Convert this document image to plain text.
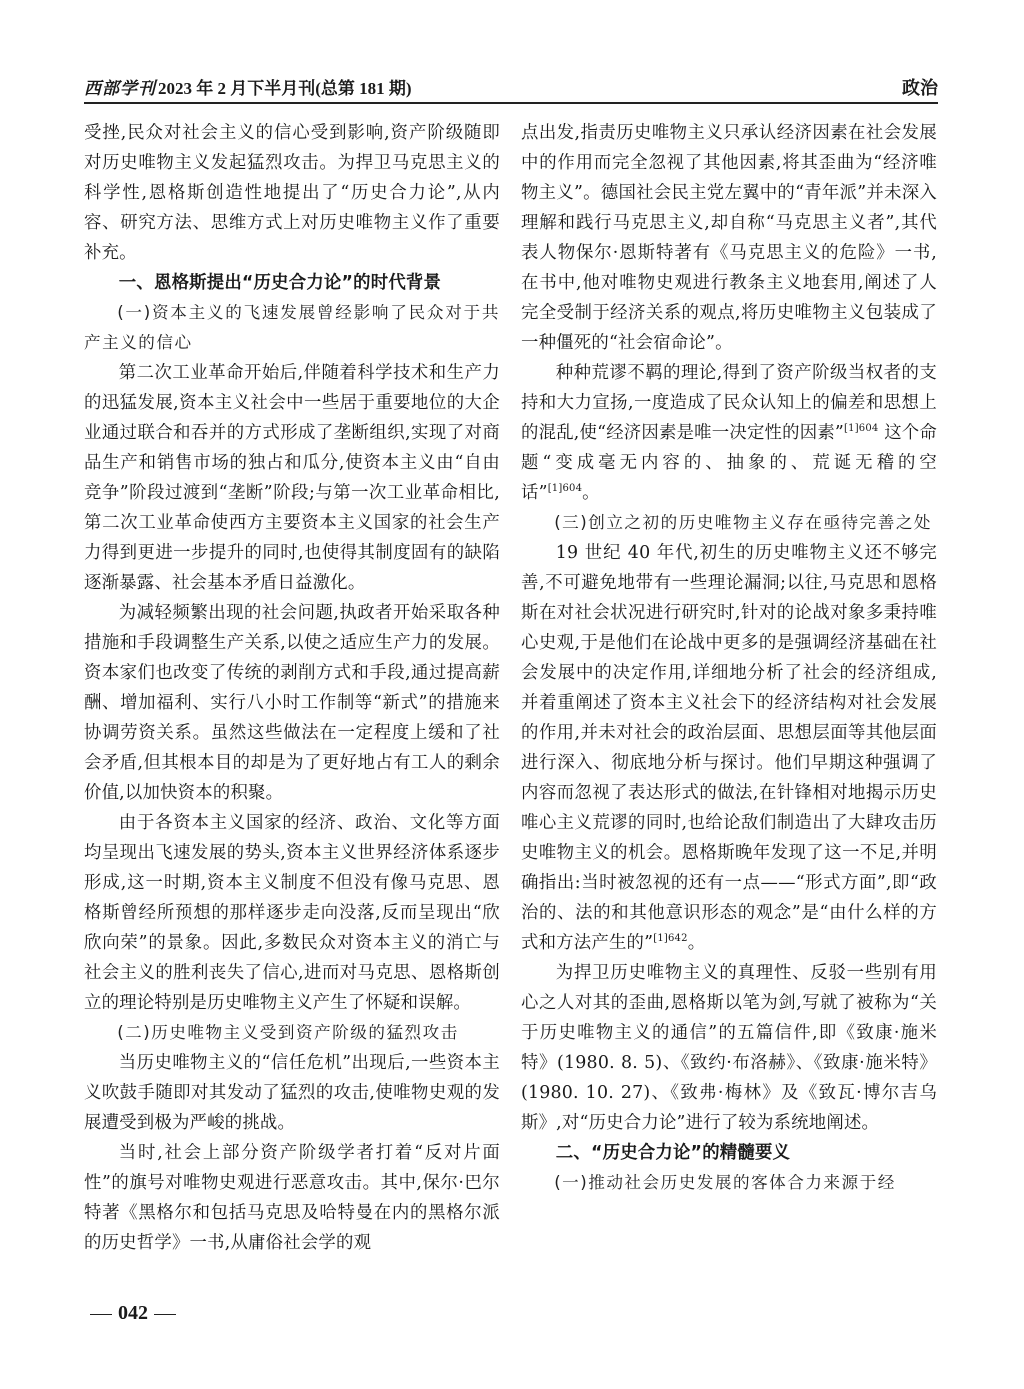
西部学刊 2023 年 2 月下半月刊(总第 181 期)	政治

受挫,民众对社会主义的信心受到影响,资产阶级随即对历史唯物主义发起猛烈攻击。为捍卫马克思主义的科学性,恩格斯创造性地提出了“历史合力论”,从内容、研究方法、思维方式上对历史唯物主义作了重要补充。

一、恩格斯提出“历史合力论”的时代背景

(一)资本主义的飞速发展曾经影响了民众对于共产主义的信心

第二次工业革命开始后,伴随着科学技术和生产力的迅猛发展,资本主义社会中一些居于重要地位的大企业通过联合和吞并的方式形成了垄断组织,实现了对商品生产和销售市场的独占和瓜分,使资本主义由“自由竞争”阶段过渡到“垄断”阶段;与第一次工业革命相比,第二次工业革命使西方主要资本主义国家的社会生产力得到更进一步提升的同时,也使得其制度固有的缺陷逐渐暴露、社会基本矛盾日益激化。

为减轻频繁出现的社会问题,执政者开始采取各种措施和手段调整生产关系,以使之适应生产力的发展。资本家们也改变了传统的剥削方式和手段,通过提高薪酬、增加福利、实行八小时工作制等“新式”的措施来协调劳资关系。虽然这些做法在一定程度上缓和了社会矛盾,但其根本目的却是为了更好地占有工人的剩余价值,以加快资本的积聚。

由于各资本主义国家的经济、政治、文化等方面均呈现出飞速发展的势头,资本主义世界经济体系逐步形成,这一时期,资本主义制度不但没有像马克思、恩格斯曾经所预想的那样逐步走向没落,反而呈现出“欣欣向荣”的景象。因此,多数民众对资本主义的消亡与社会主义的胜利丧失了信心,进而对马克思、恩格斯创立的理论特别是历史唯物主义产生了怀疑和误解。

(二)历史唯物主义受到资产阶级的猛烈攻击

当历史唯物主义的“信任危机”出现后,一些资本主义吹鼓手随即对其发动了猛烈的攻击,使唯物史观的发展遭受到极为严峻的挑战。

当时,社会上部分资产阶级学者打着“反对片面性”的旗号对唯物史观进行恶意攻击。其中,保尔·巴尔特著《黑格尔和包括马克思及哈特曼在内的黑格尔派的历史哲学》一书,从庸俗社会学的观

点出发,指责历史唯物主义只承认经济因素在社会发展中的作用而完全忽视了其他因素,将其歪曲为“经济唯物主义”。德国社会民主党左翼中的“青年派”并未深入理解和践行马克思主义,却自称“马克思主义者”,其代表人物保尔·恩斯特著有《马克思主义的危险》一书,在书中,他对唯物史观进行教条主义地套用,阐述了人完全受制于经济关系的观点,将历史唯物主义包装成了一种僵死的“社会宿命论”。

种种荒谬不羁的理论,得到了资产阶级当权者的支持和大力宣扬,一度造成了民众认知上的偏差和思想上的混乱,使“经济因素是唯一决定性的因素”$^{[1]604}$ 这个命题“变成毫无内容的、抽象的、荒诞无稽的空话”$^{[1]604}$。

(三)创立之初的历史唯物主义存在亟待完善之处

19 世纪 40 年代,初生的历史唯物主义还不够完善,不可避免地带有一些理论漏洞;以往,马克思和恩格斯在对社会状况进行研究时,针对的论战对象多秉持唯心史观,于是他们在论战中更多的是强调经济基础在社会发展中的决定作用,详细地分析了社会的经济组成,并着重阐述了资本主义社会下的经济结构对社会发展的作用,并未对社会的政治层面、思想层面等其他层面进行深入、彻底地分析与探讨。他们早期这种强调了内容而忽视了表达形式的做法,在针锋相对地揭示历史唯心主义荒谬的同时,也给论敌们制造出了大肆攻击历史唯物主义的机会。恩格斯晚年发现了这一不足,并明确指出:当时被忽视的还有一点——“形式方面”,即“政治的、法的和其他意识形态的观念”是“由什么样的方式和方法产生的”$^{[1]642}$。

为捍卫历史唯物主义的真理性、反驳一些别有用心之人对其的歪曲,恩格斯以笔为剑,写就了被称为“关于历史唯物主义的通信”的五篇信件,即《致康·施米特》(1980. 8. 5)、《致约·布洛赫》、《致康·施米特》(1980. 10. 27)、《致弗·梅林》及《致瓦·博尔吉乌斯》,对“历史合力论”进行了较为系统地阐述。

二、“历史合力论”的精髓要义

(一)推动社会历史发展的客体合力来源于经

042
